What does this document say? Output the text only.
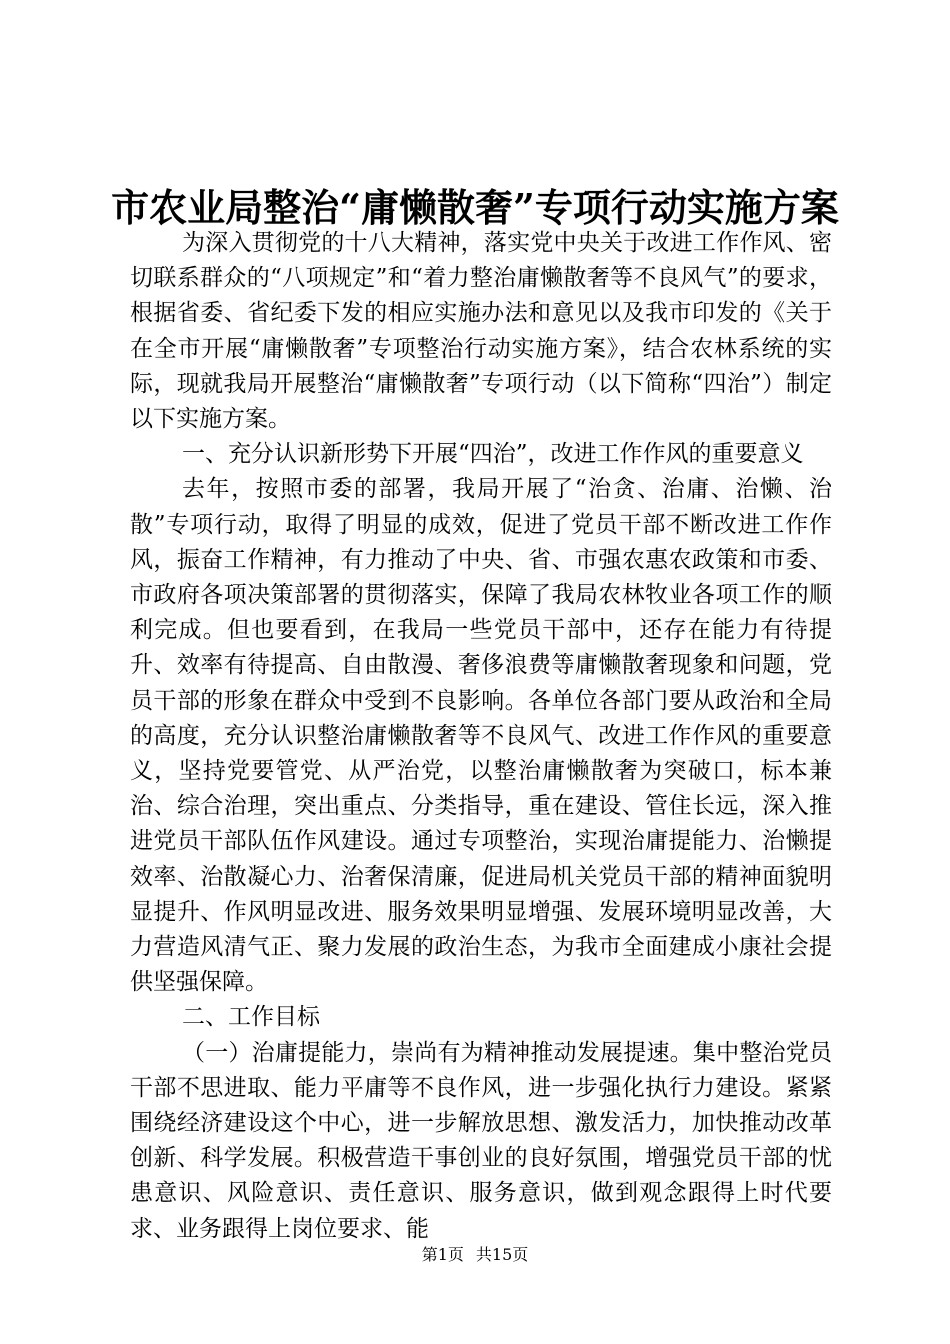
市农业局整治“庸懒散奢”专项行动实施方案

为深入贯彻党的十八大精神，落实党中央关于改进工作作风、密切联系群众的“八项规定”和“着力整治庸懒散奢等不良风气”的要求，根据省委、省纪委下发的相应实施办法和意见以及我市印发的《关于在全市开展“庸懒散奢”专项整治行动实施方案》，结合农林系统的实际，现就我局开展整治“庸懒散奢”专项行动（以下简称“四治”）制定以下实施方案。

一、充分认识新形势下开展“四治”，改进工作作风的重要意义

去年，按照市委的部署，我局开展了“治贪、治庸、治懒、治散”专项行动，取得了明显的成效，促进了党员干部不断改进工作作风，振奋工作精神，有力推动了中央、省、市强农惠农政策和市委、市政府各项决策部署的贯彻落实，保障了我局农林牧业各项工作的顺利完成。但也要看到，在我局一些党员干部中，还存在能力有待提升、效率有待提高、自由散漫、奢侈浪费等庸懒散奢现象和问题，党员干部的形象在群众中受到不良影响。各单位各部门要从政治和全局的高度，充分认识整治庸懒散奢等不良风气、改进工作作风的重要意义，坚持党要管党、从严治党，以整治庸懒散奢为突破口，标本兼治、综合治理，突出重点、分类指导，重在建设、管住长远，深入推进党员干部队伍作风建设。通过专项整治，实现治庸提能力、治懒提效率、治散凝心力、治奢保清廉，促进局机关党员干部的精神面貌明显提升、作风明显改进、服务效果明显增强、发展环境明显改善，大力营造风清气正、聚力发展的政治生态，为我市全面建成小康社会提供坚强保障。

二、工作目标

（一）治庸提能力，崇尚有为精神推动发展提速。集中整治党员干部不思进取、能力平庸等不良作风，进一步强化执行力建设。紧紧围绕经济建设这个中心，进一步解放思想、激发活力，加快推动改革创新、科学发展。积极营造干事创业的良好氛围，增强党员干部的忧患意识、风险意识、责任意识、服务意识，做到观念跟得上时代要求、业务跟得上岗位要求、能

第1页 共15页
